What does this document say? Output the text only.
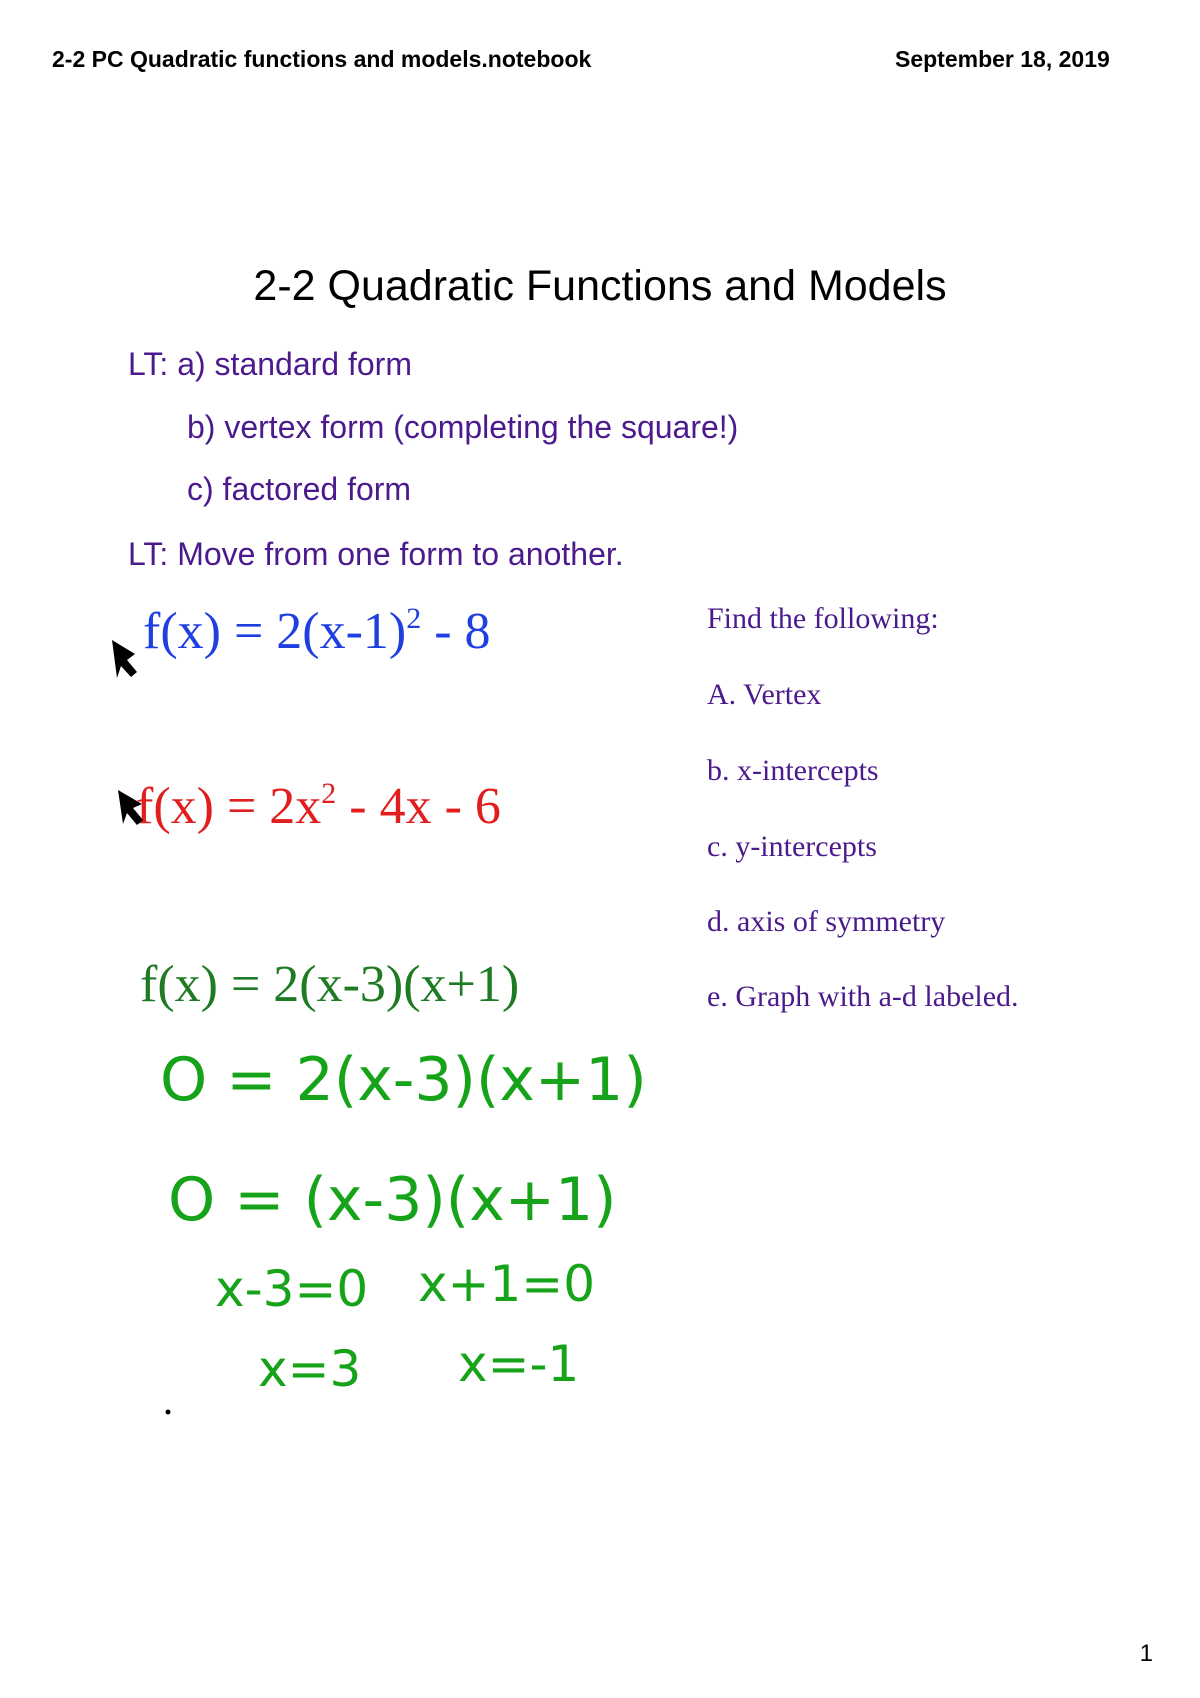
2-2 PC Quadratic functions and models.notebook	September 18, 2019
2-2 Quadratic Functions and Models
LT: a) standard form
b) vertex form (completing the square!)
c) factored form
LT: Move from one form to another.
$f(x) = 2(x-1)^2 - 8$
$f(x) = 2x^2 - 4x - 6$
f(x) = 2(x-3)(x+1)
Find the following:
A. Vertex
b. x-intercepts
c. y-intercepts
d. axis of symmetry
e. Graph with a-d labeled.
O = 2(x-3)(x+1)
O = (x-3)(x+1)
x-3=0 x+1=0
x=3 x=-1
1
